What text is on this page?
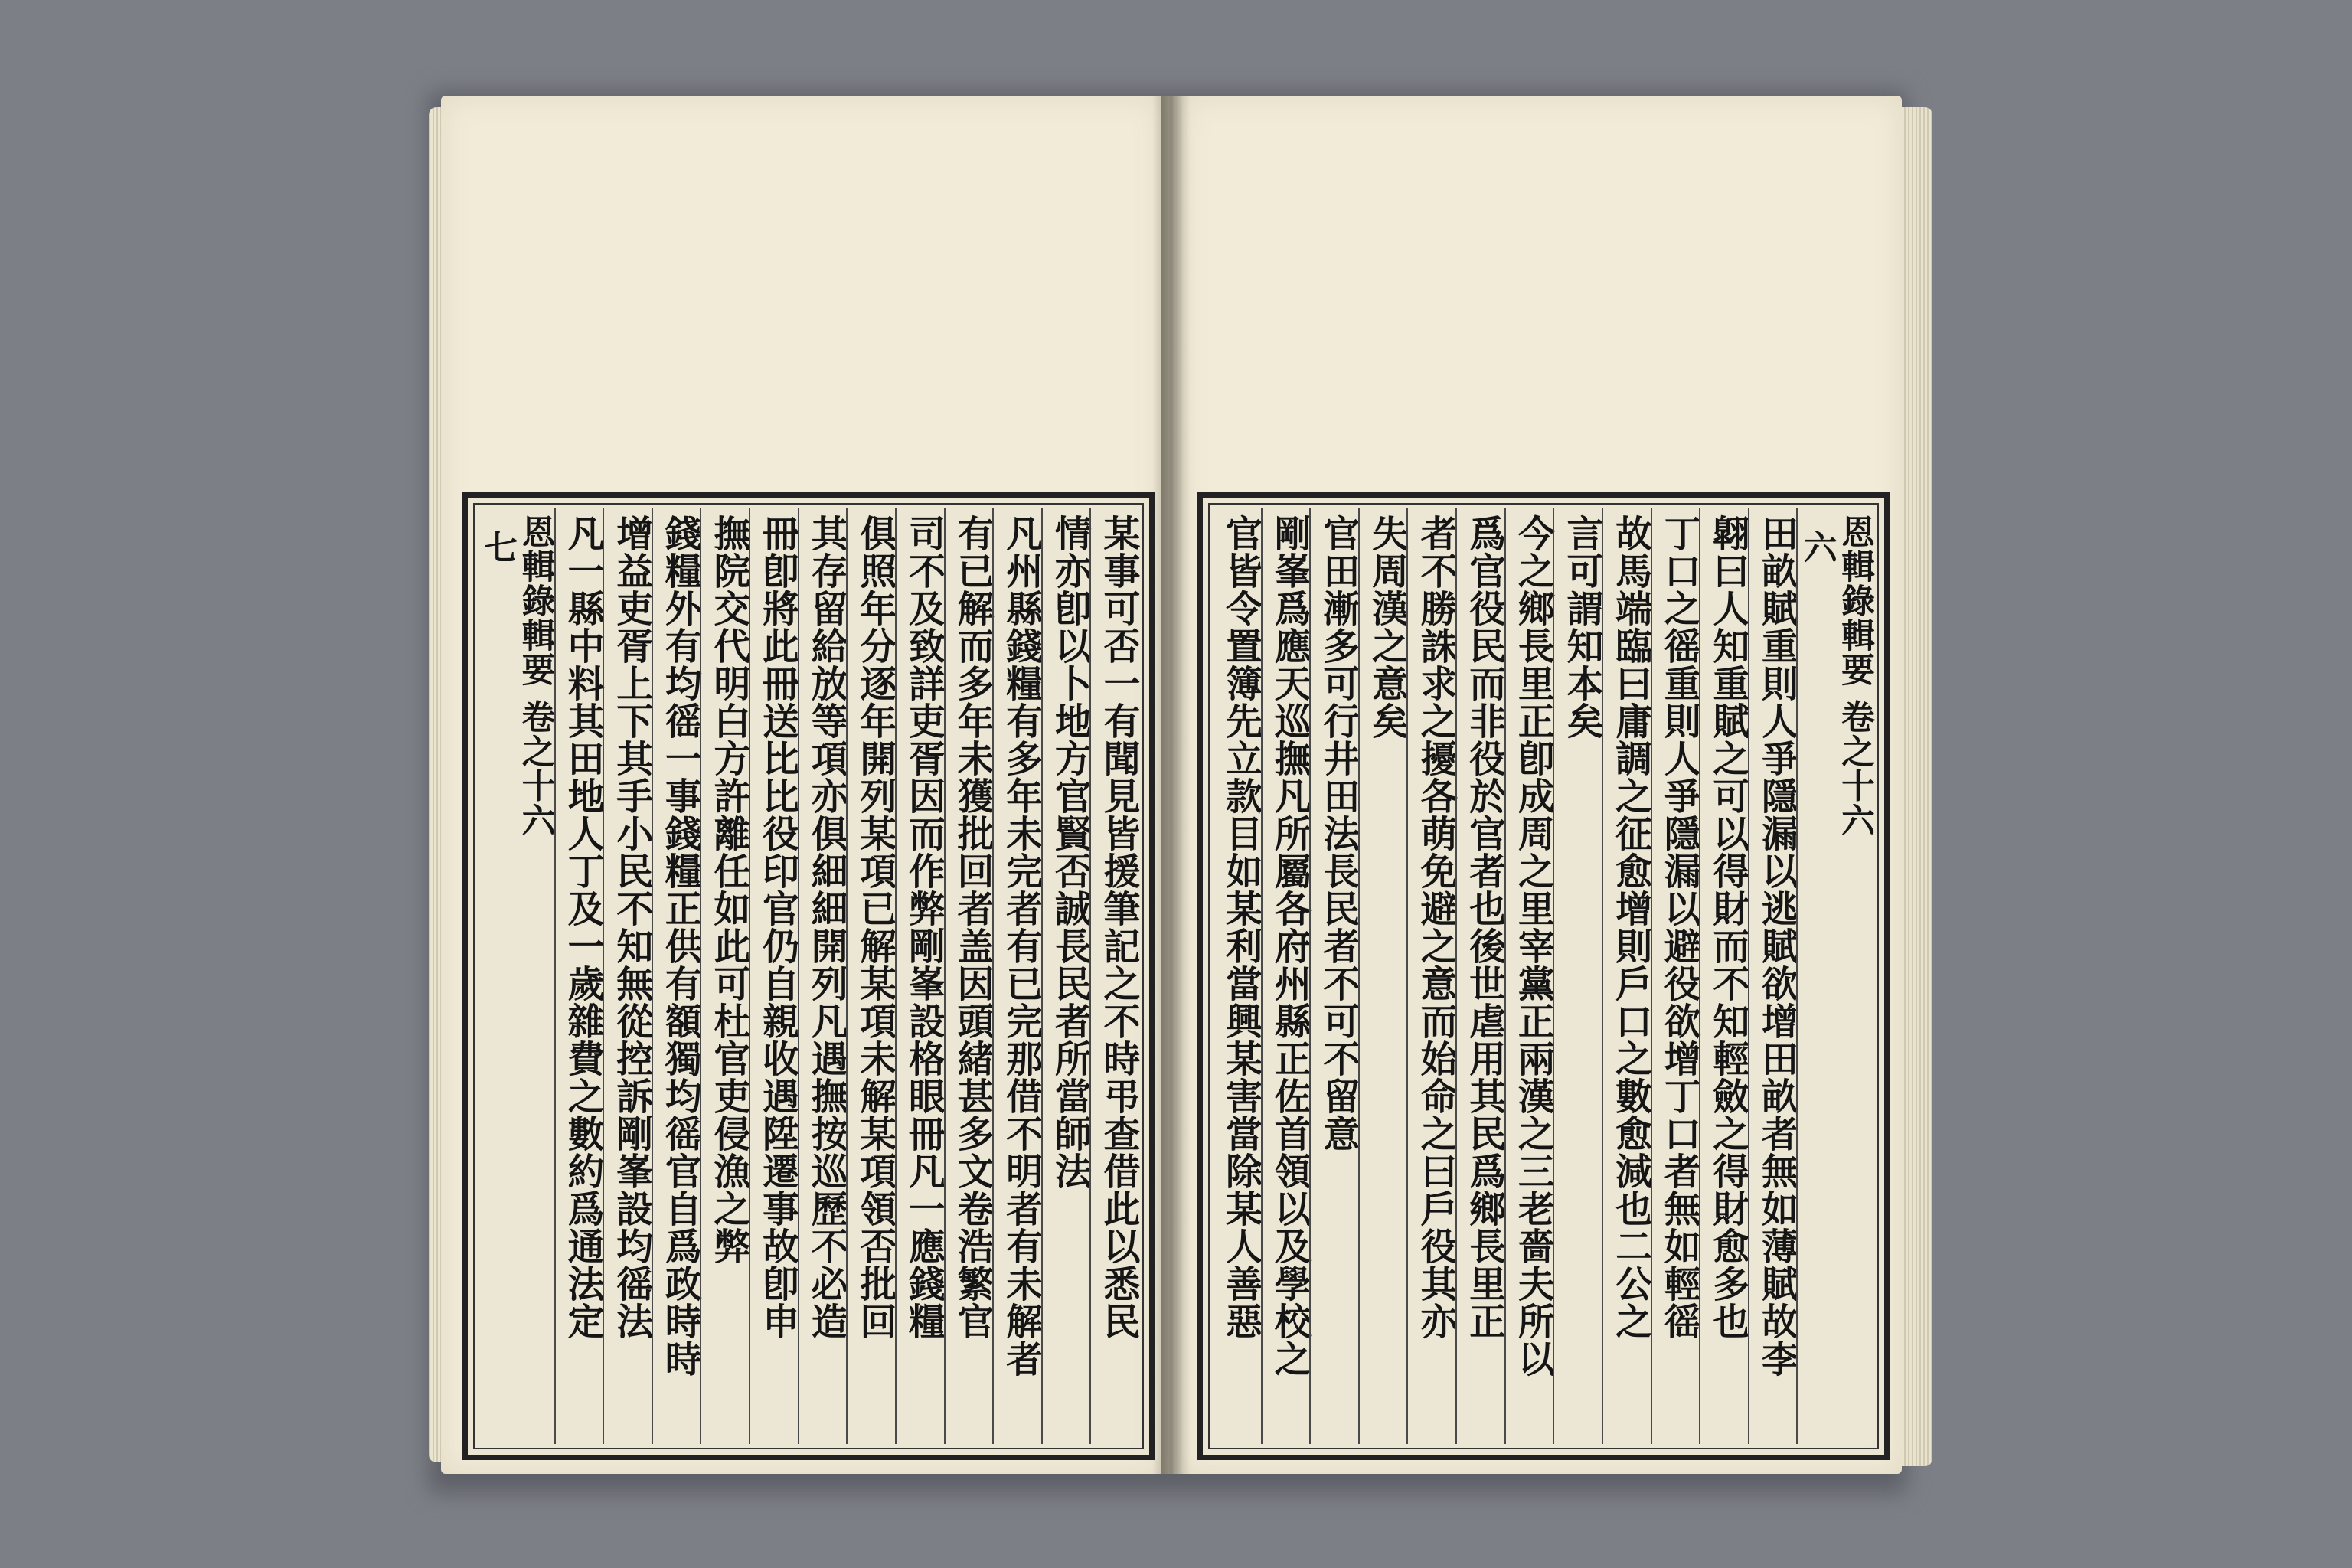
某事可否一有聞見皆援筆記之不時弔查借此以悉民
情亦卽以卜地方官賢否誠長民者所當師法
凡州縣錢糧有多年未完者有已完那借不明者有未解者
有已解而多年未獲批回者盖因頭緒甚多文卷浩繁官
司不及致詳吏胥因而作弊剛峯設格眼冊凡一應錢糧
俱照年分逐年開列某項已解某項未解某項領否批回
其存留給放等項亦俱細細開列凡遇撫按巡歷不必造
冊卽將此冊送比比役印官仍自親收遇陞遷事故卽申
撫院交代明白方許離任如此可杜官吏侵漁之弊
錢糧外有均徭一事錢糧正供有額獨均徭官自爲政時時
增益吏胥上下其手小民不知無從控訴剛峯設均徭法
凡一縣中料其田地人丁及一歲雜費之數約爲通法定
恩輯錄輯要 卷之十六
七	恩輯錄輯要 卷之十六
六
田畝賦重則人爭隱漏以逃賦欲增田畝者無如薄賦故李
翺曰人知重賦之可以得財而不知輕斂之得財愈多也
丁口之徭重則人爭隱漏以避役欲增丁口者無如輕徭
故馬端臨曰庸調之征愈增則戶口之數愈減也二公之
言可謂知本矣
今之鄉長里正卽成周之里宰黨正兩漢之三老嗇夫所以
爲官役民而非役於官者也後世虐用其民爲鄉長里正
者不勝誅求之擾各萌免避之意而始命之曰戶役其亦
失周漢之意矣
官田漸多可行井田法長民者不可不留意
剛峯爲應天巡撫凡所屬各府州縣正佐首領以及學校之
官皆令置簿先立款目如某利當興某害當除某人善惡
